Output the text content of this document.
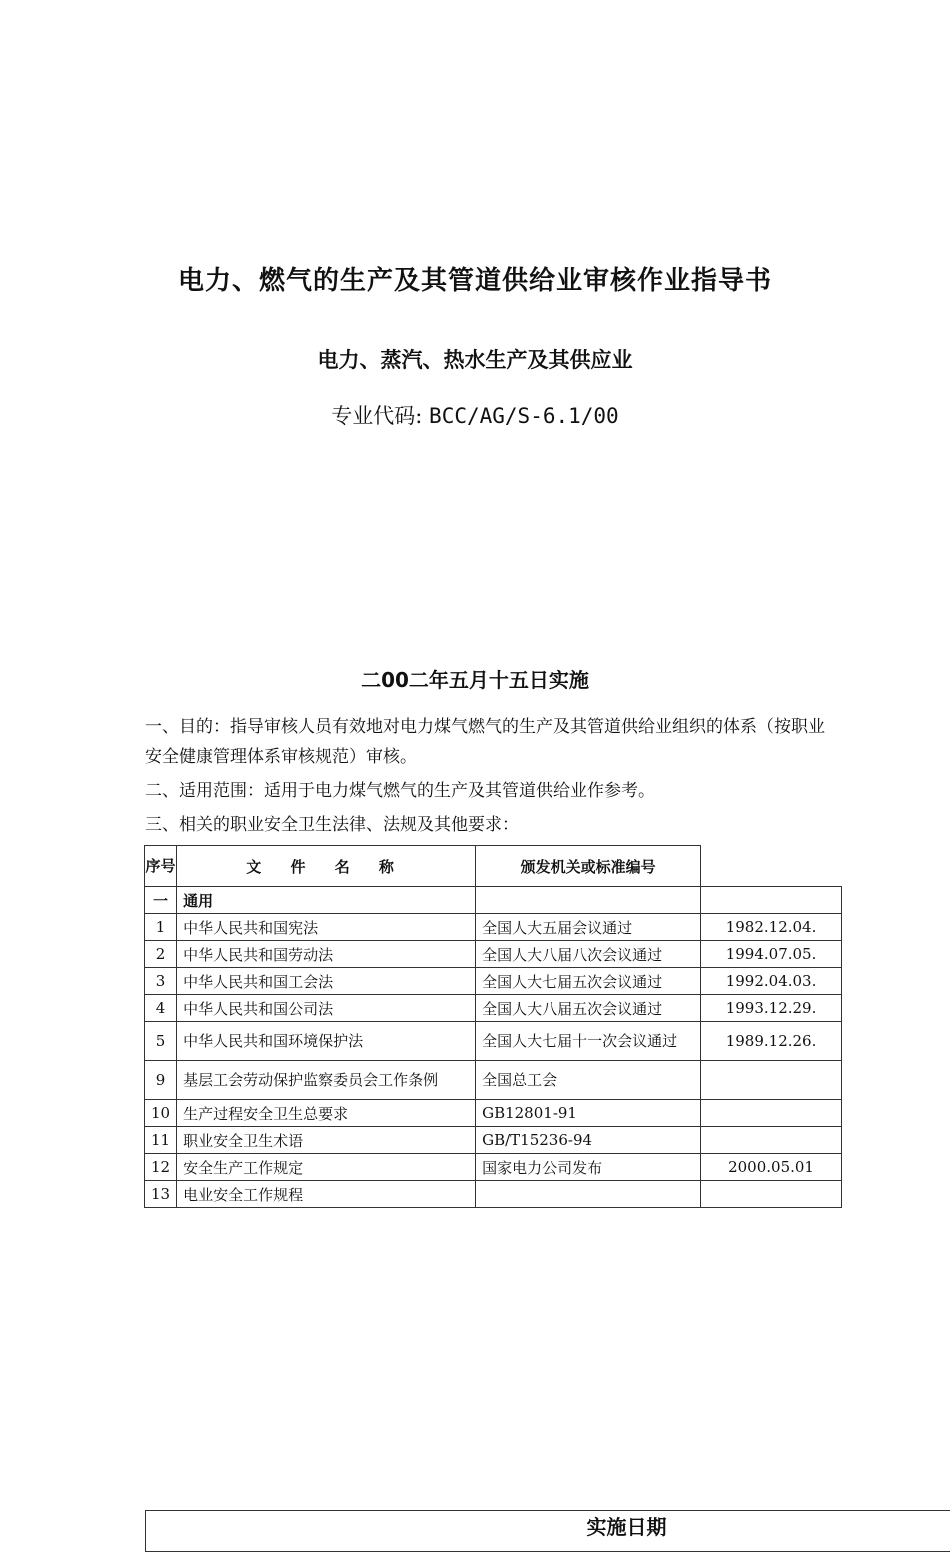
电力、燃气的生产及其管道供给业审核作业指导书
电力、蒸汽、热水生产及其供应业
专业代码: BCC/AG/S-6.1/00
二00二年五月十五日实施
一、目的：指导审核人员有效地对电力煤气燃气的生产及其管道供给业组织的体系（按职业安全健康管理体系审核规范）审核。
二、适用范围：适用于电力煤气燃气的生产及其管道供给业作参考。
三、相关的职业安全卫生法律、法规及其他要求：
序号	文 件 名 称	颁发机关或标准编号	
实施日期

一	通用		
1	中华人民共和国宪法	全国人大五届会议通过	1982.12.04.
2	中华人民共和国劳动法	全国人大八届八次会议通过	1994.07.05.
3	中华人民共和国工会法	全国人大七届五次会议通过	1992.04.03.
4	中华人民共和国公司法	全国人大八届五次会议通过	1993.12.29.
5	中华人民共和国环境保护法	全国人大七届十一次会议通过	1989.12.26.
9	基层工会劳动保护监察委员会工作条例	全国总工会	
10	生产过程安全卫生总要求	GB12801-91	
11	职业安全卫生术语	GB/T15236-94	
12	安全生产工作规定	国家电力公司发布	2000.05.01
13	电业安全工作规程		
